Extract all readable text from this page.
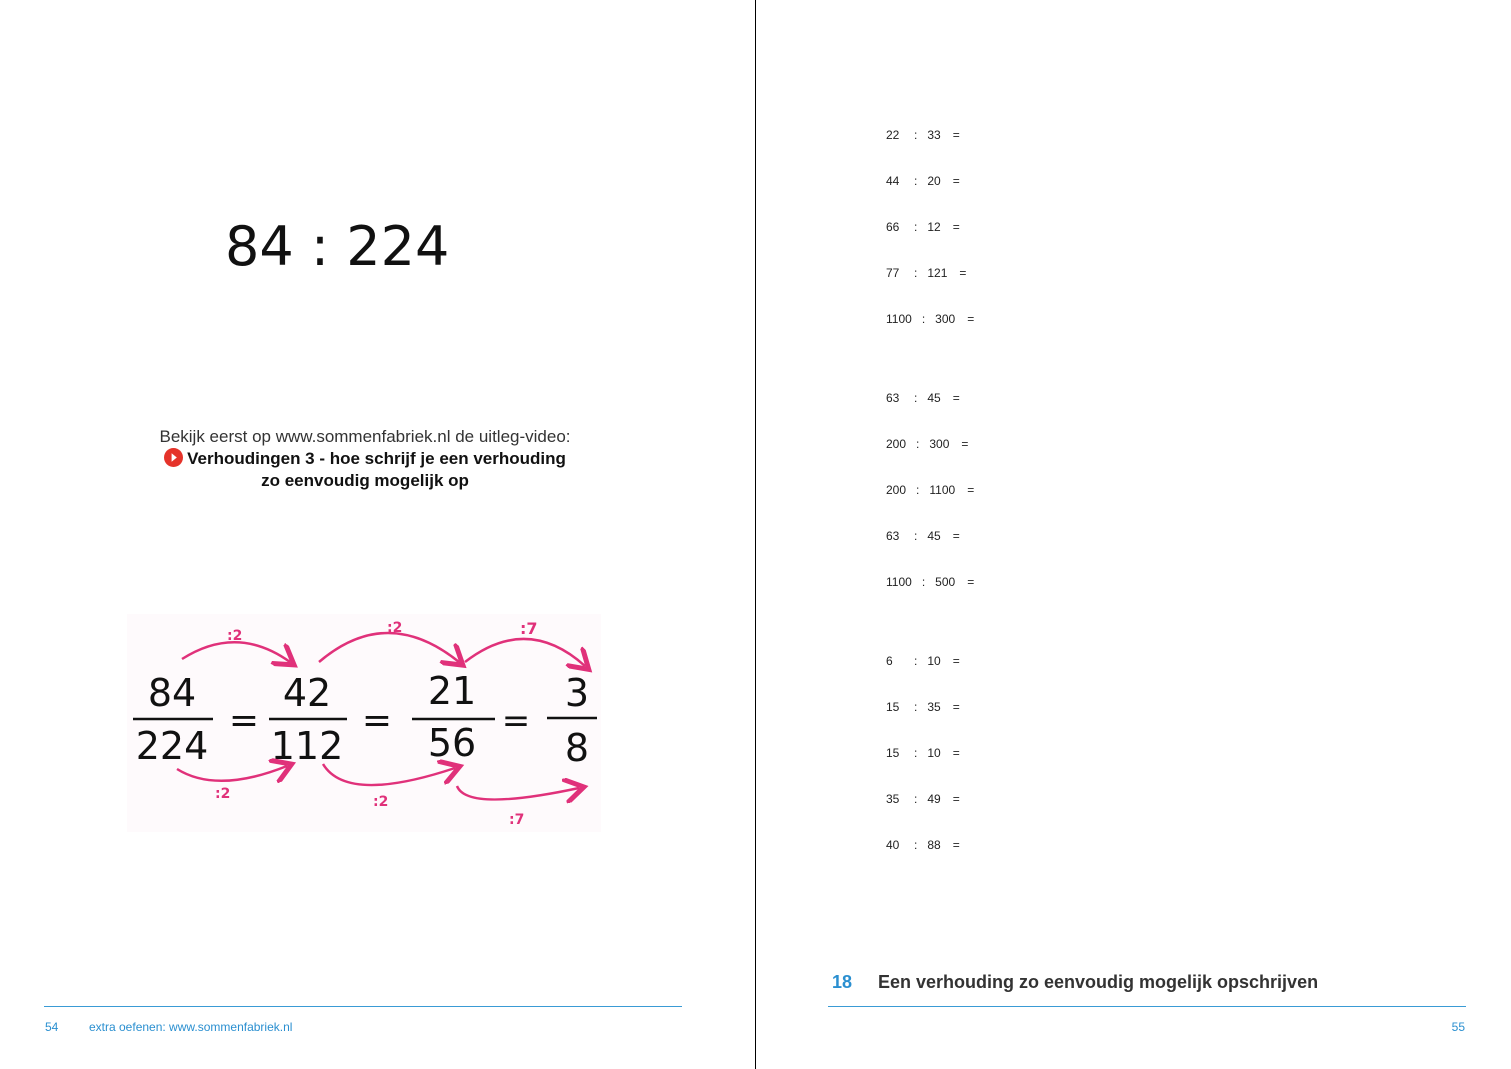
84 : 224
Bekijk eerst op www.sommenfabriek.nl de uitleg-video:
Verhoudingen 3 - hoe schrijf je een verhouding
zo eenvoudig mogelijk op
:2	:2	:7
84
224
=
42
112
=
21
56 =
3
8
:2	:2
:7
54	extra oefenen: www.sommenfabriek.nl
22 : 33 =
44 : 20 =
66 : 12 =
77 : 121 =
1100 : 300 =
63 : 45 =
200 : 300 =
200 : 1100 =
63 : 45 =
1100 : 500 =
6 : 10 =
15 : 35 =
15 : 10 =
35 : 49 =
40 : 88 =
18 Een verhouding zo eenvoudig mogelijk opschrijven
55
